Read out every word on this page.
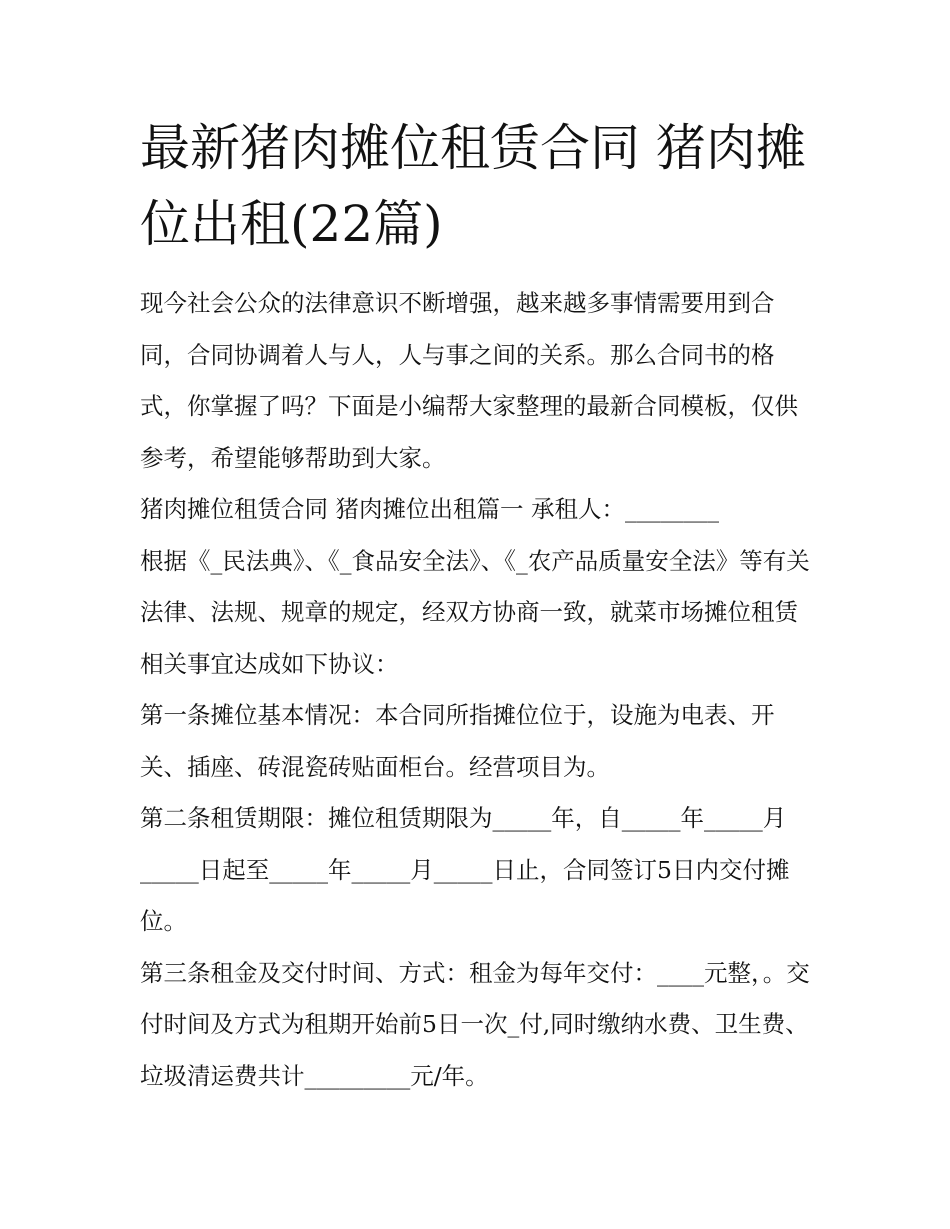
最新猪肉摊位租赁合同 猪肉摊
位出租(22篇)

现今社会公众的法律意识不断增强，越来越多事情需要用到合同，合同协调着人与人，人与事之间的关系。那么合同书的格式，你掌握了吗？下面是小编帮大家整理的最新合同模板，仅供参考，希望能够帮助到大家。

猪肉摊位租赁合同 猪肉摊位出租篇一 承租人：________

根据《_民法典》、《_食品安全法》、《_农产品质量安全法》等有关法律、法规、规章的规定，经双方协商一致，就菜市场摊位租赁相关事宜达成如下协议：

第一条摊位基本情况：本合同所指摊位位于，设施为电表、开关、插座、砖混瓷砖贴面柜台。经营项目为。

第二条租赁期限：摊位租赁期限为_____年，自_____年_____月_____日起至_____年_____月_____日止，合同签订5日内交付摊位。

第三条租金及交付时间、方式：租金为每年交付：____元整，。交付时间及方式为租期开始前5日一次_付,同时缴纳水费、卫生费、垃圾清运费共计_________元/年。
